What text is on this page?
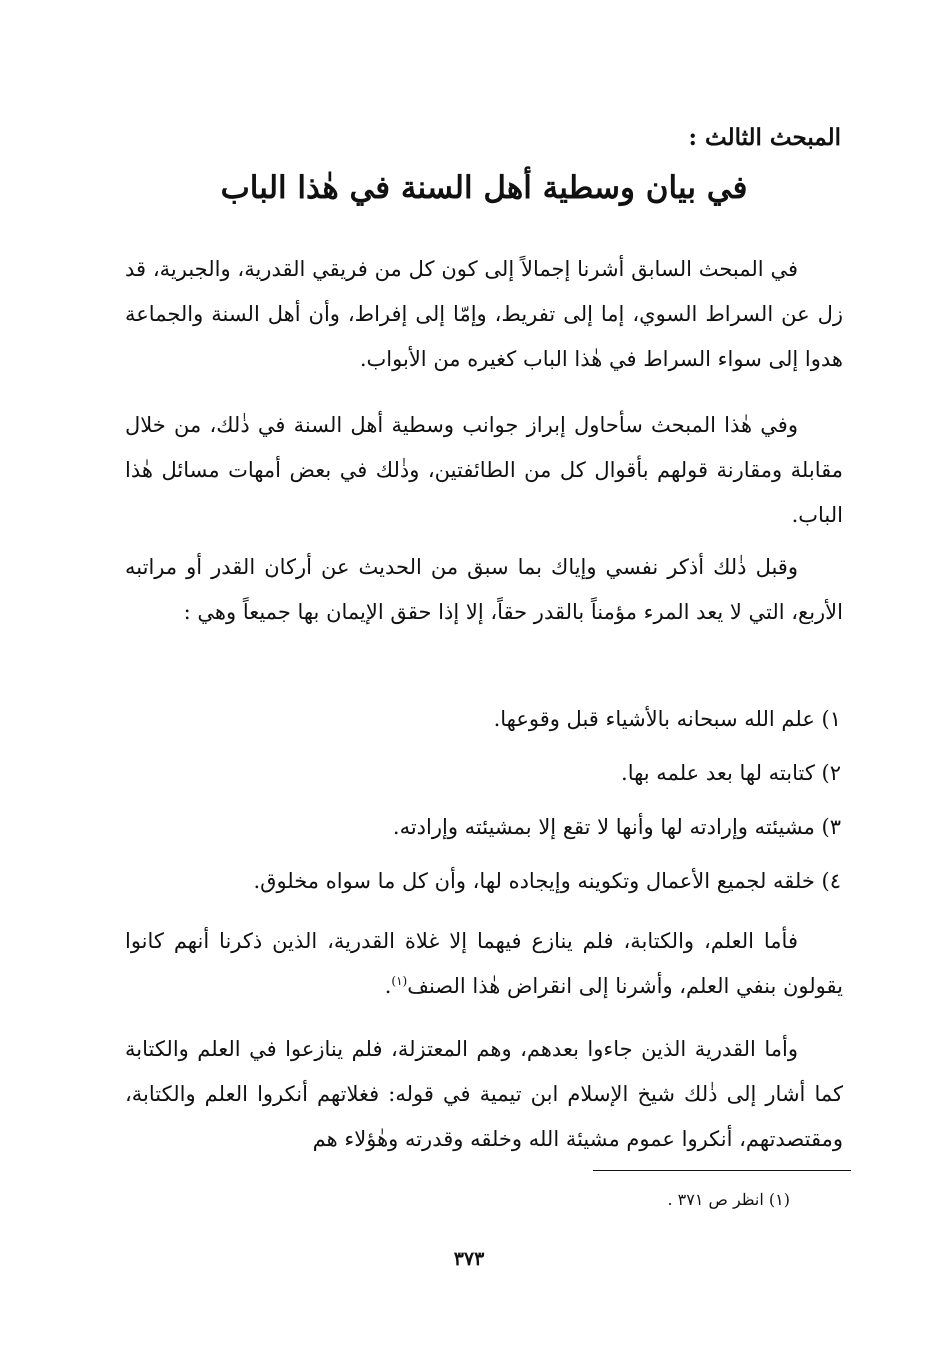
المبحث الثالث :
في بيان وسطية أهل السنة في هٰذا الباب

في المبحث السابق أشرنا إجمالاً إلى كون كل من فريقي القدرية، والجبرية، قد زل عن السراط السوي، إما إلى تفريط، وإمّا إلى إفراط، وأن أهل السنة والجماعة هدوا إلى سواء السراط في هٰذا الباب كغيره من الأبواب.

وفي هٰذا المبحث سأحاول إبراز جوانب وسطية أهل السنة في ذٰلك، من خلال مقابلة ومقارنة قولهم بأقوال كل من الطائفتين، وذٰلك في بعض أمهات مسائل هٰذا الباب.

وقبل ذٰلك أذكر نفسي وإياك بما سبق من الحديث عن أركان القدر أو مراتبه الأربع، التي لا يعد المرء مؤمناً بالقدر حقاً، إلا إذا حقق الإيمان بها جميعاً وهي :

١) علم الله سبحانه بالأشياء قبل وقوعها.
٢) كتابته لها بعد علمه بها.
٣) مشيئته وإرادته لها وأنها لا تقع إلا بمشيئته وإرادته.
٤) خلقه لجميع الأعمال وتكوينه وإيجاده لها، وأن كل ما سواه مخلوق.

فأما العلم، والكتابة، فلم ينازع فيهما إلا غلاة القدرية، الذين ذكرنا أنهم كانوا يقولون بنفي العلم، وأشرنا إلى انقراض هٰذا الصنف$^{(١)}$.

وأما القدرية الذين جاءوا بعدهم، وهم المعتزلة، فلم ينازعوا في العلم والكتابة كما أشار إلى ذٰلك شيخ الإسلام ابن تيمية في قوله: فغلاتهم أنكروا العلم والكتابة، ومقتصدتهم، أنكروا عموم مشيئة الله وخلقه وقدرته وهٰؤلاء هم

(١) انظر ص ٣٧١ .
٣٧٣
